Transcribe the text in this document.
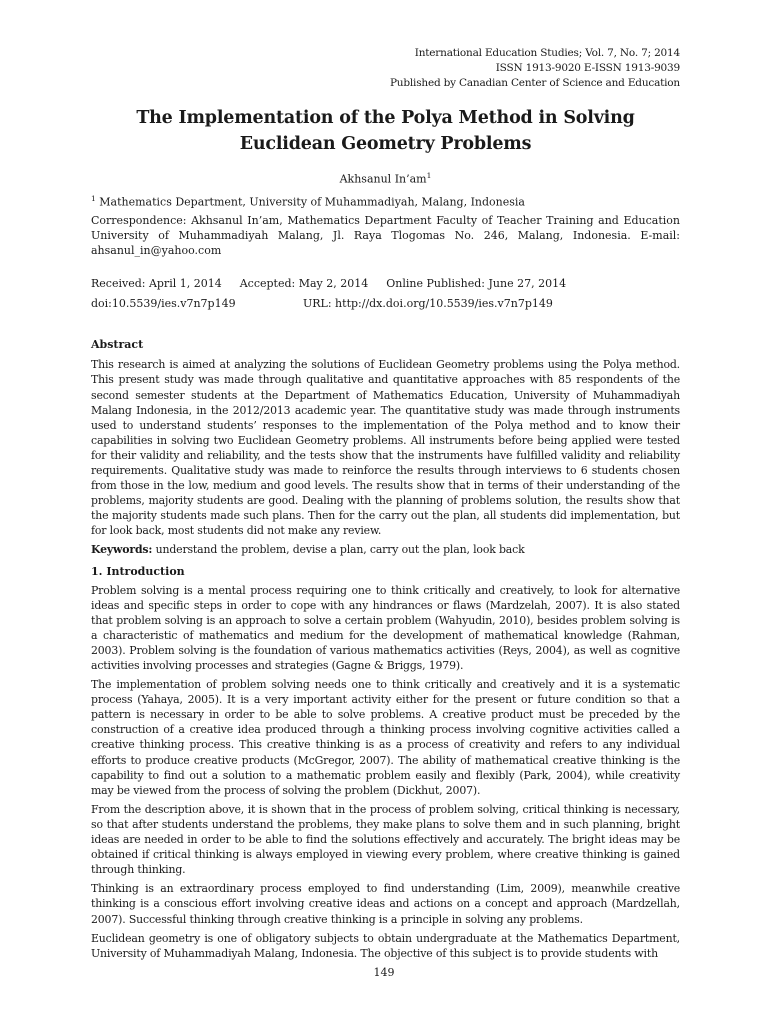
International Education Studies; Vol. 7, No. 7; 2014
ISSN 1913-9020 E-ISSN 1913-9039
Published by Canadian Center of Science and Education
The Implementation of the Polya Method in Solving Euclidean Geometry Problems
Akhsanul $In’am^1$
$^1$ Mathematics Department, University of Muhammadiyah, Malang, Indonesia
Correspondence: Akhsanul In’am, Mathematics Department Faculty of Teacher Training and Education University of Muhammadiyah Malang, Jl. Raya Tlogomas No. 246, Malang, Indonesia. E-mail: ahsanul_in@yahoo.com
Received: April 1, 2014 Accepted: May 2, 2014 Online Published: June 27, 2014
doi:10.5539/ies.v7n7p149	URL: http://dx.doi.org/10.5539/ies.v7n7p149
Abstract

This research is aimed at analyzing the solutions of Euclidean Geometry problems using the Polya method. This present study was made through qualitative and quantitative approaches with 85 respondents of the second semester students at the Department of Mathematics Education, University of Muhammadiyah Malang Indonesia, in the 2012/2013 academic year. The quantitative study was made through instruments used to understand students’ responses to the implementation of the Polya method and to know their capabilities in solving two Euclidean Geometry problems. All instruments before being applied were tested for their validity and reliability, and the tests show that the instruments have fulfilled validity and reliability requirements. Qualitative study was made to reinforce the results through interviews to 6 students chosen from those in the low, medium and good levels. The results show that in terms of their understanding of the problems, majority students are good. Dealing with the planning of problems solution, the results show that the majority students made such plans. Then for the carry out the plan, all students did implementation, but for look back, most students did not make any review.

Keywords: understand the problem, devise a plan, carry out the plan, look back

1. Introduction

Problem solving is a mental process requiring one to think critically and creatively, to look for alternative ideas and specific steps in order to cope with any hindrances or flaws (Mardzelah, 2007). It is also stated that problem solving is an approach to solve a certain problem (Wahyudin, 2010), besides problem solving is a characteristic of mathematics and medium for the development of mathematical knowledge (Rahman, 2003). Problem solving is the foundation of various mathematics activities (Reys, 2004), as well as cognitive activities involving processes and strategies (Gagne & Briggs, 1979).

The implementation of problem solving needs one to think critically and creatively and it is a systematic process (Yahaya, 2005). It is a very important activity either for the present or future condition so that a pattern is necessary in order to be able to solve problems. A creative product must be preceded by the construction of a creative idea produced through a thinking process involving cognitive activities called a creative thinking process. This creative thinking is as a process of creativity and refers to any individual efforts to produce creative products (McGregor, 2007). The ability of mathematical creative thinking is the capability to find out a solution to a mathematic problem easily and flexibly (Park, 2004), while creativity may be viewed from the process of solving the problem (Dickhut, 2007).

From the description above, it is shown that in the process of problem solving, critical thinking is necessary, so that after students understand the problems, they make plans to solve them and in such planning, bright ideas are needed in order to be able to find the solutions effectively and accurately. The bright ideas may be obtained if critical thinking is always employed in viewing every problem, where creative thinking is gained through thinking.

Thinking is an extraordinary process employed to find understanding (Lim, 2009), meanwhile creative thinking is a conscious effort involving creative ideas and actions on a concept and approach (Mardzellah, 2007). Successful thinking through creative thinking is a principle in solving any problems.

Euclidean geometry is one of obligatory subjects to obtain undergraduate at the Mathematics Department, University of Muhammadiyah Malang, Indonesia. The objective of this subject is to provide students with

149
